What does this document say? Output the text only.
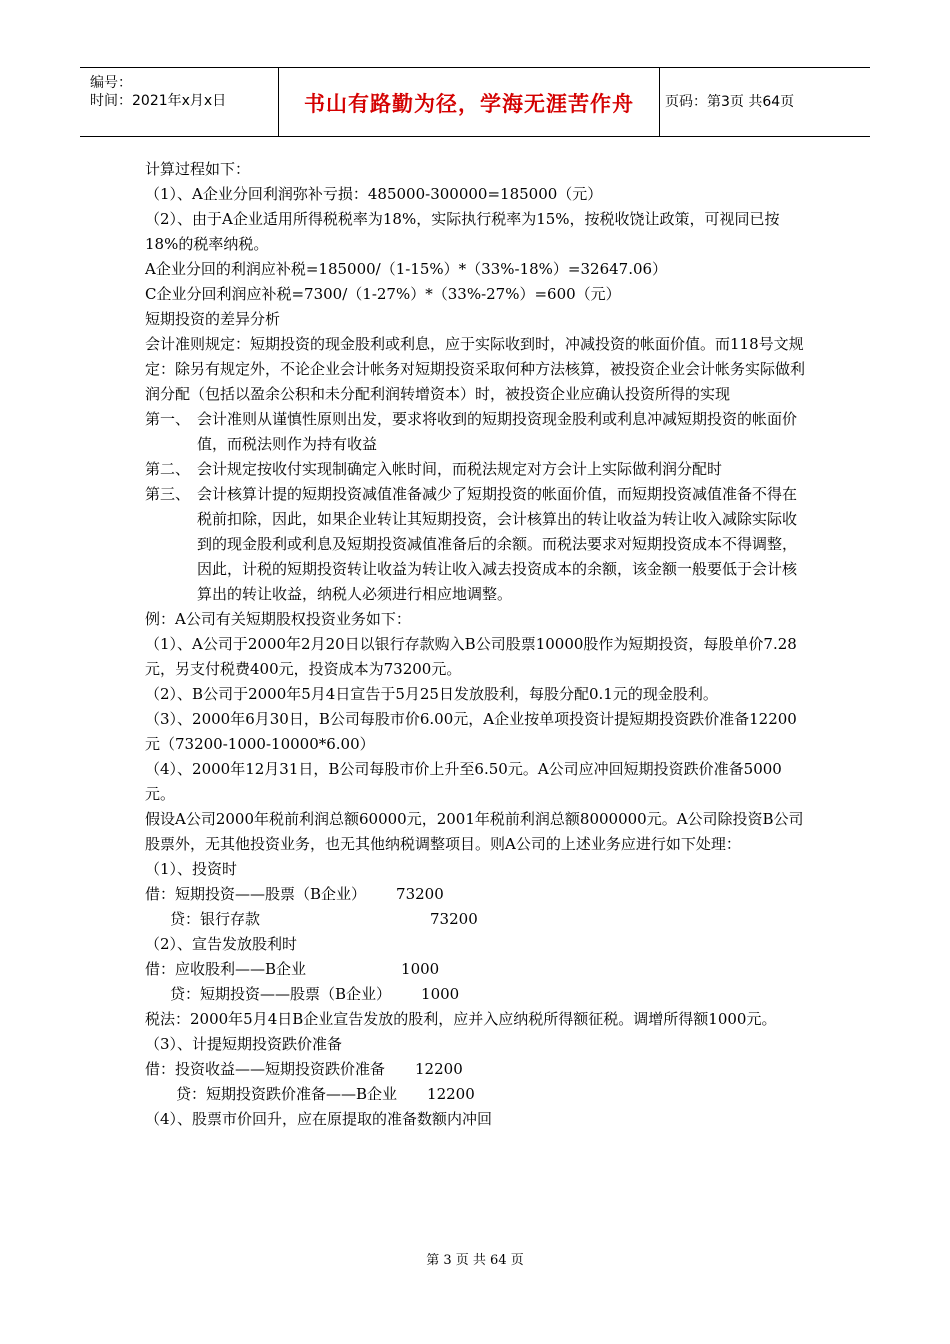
编号：
时间：2021年x月x日	书山有路勤为径，学海无涯苦作舟	页码：第3页 共64页

计算过程如下：

（1）、A企业分回利润弥补亏损：485000-300000=185000（元）

（2）、由于A企业适用所得税税率为18%，实际执行税率为15%，按税收饶让政策，可视同已按18%的税率纳税。

A企业分回的利润应补税=185000/（1-15%）*（33%-18%）=32647.06）

C企业分回利润应补税=7300/（1-27%）*（33%-27%）=600（元）

短期投资的差异分析

会计准则规定：短期投资的现金股利或利息，应于实际收到时，冲减投资的帐面价值。而118号文规定：除另有规定外，不论企业会计帐务对短期投资采取何种方法核算，被投资企业会计帐务实际做利润分配（包括以盈余公积和未分配利润转增资本）时，被投资企业应确认投资所得的实现

第一、 会计准则从谨慎性原则出发，要求将收到的短期投资现金股利或利息冲减短期投资的帐面价值，而税法则作为持有收益
第二、 会计规定按收付实现制确定入帐时间，而税法规定对方会计上实际做利润分配时
第三、 会计核算计提的短期投资减值准备减少了短期投资的帐面价值，而短期投资减值准备不得在税前扣除，因此，如果企业转让其短期投资，会计核算出的转让收益为转让收入减除实际收到的现金股利或利息及短期投资减值准备后的余额。而税法要求对短期投资成本不得调整，因此，计税的短期投资转让收益为转让收入减去投资成本的余额，该金额一般要低于会计核算出的转让收益，纳税人必须进行相应地调整。

例：A公司有关短期股权投资业务如下：

（1）、A公司于2000年2月20日以银行存款购入B公司股票10000股作为短期投资，每股单价7.28元，另支付税费400元，投资成本为73200元。

（2）、B公司于2000年5月4日宣告于5月25日发放股利，每股分配0.1元的现金股利。

（3）、2000年6月30日，B公司每股市价6.00元，A企业按单项投资计提短期投资跌价准备12200元（73200-1000-10000*6.00）

（4）、2000年12月31日，B公司每股市价上升至6.50元。A公司应冲回短期投资跌价准备5000元。

假设A公司2000年税前利润总额60000元，2001年税前利润总额8000000元。A公司除投资B公司股票外，无其他投资业务，也无其他纳税调整项目。则A公司的上述业务应进行如下处理：

（1）、投资时

借：短期投资——股票（B企业） 73200

贷：银行存款	73200

（2）、宣告发放股利时

借：应收股利——B企业	1000

贷：短期投资——股票（B企业） 1000

税法：2000年5月4日B企业宣告发放的股利，应并入应纳税所得额征税。调增所得额1000元。

（3）、计提短期投资跌价准备

借：投资收益——短期投资跌价准备 12200

贷：短期投资跌价准备——B企业 12200

（4）、股票市价回升，应在原提取的准备数额内冲回

第 3 页 共 64 页
